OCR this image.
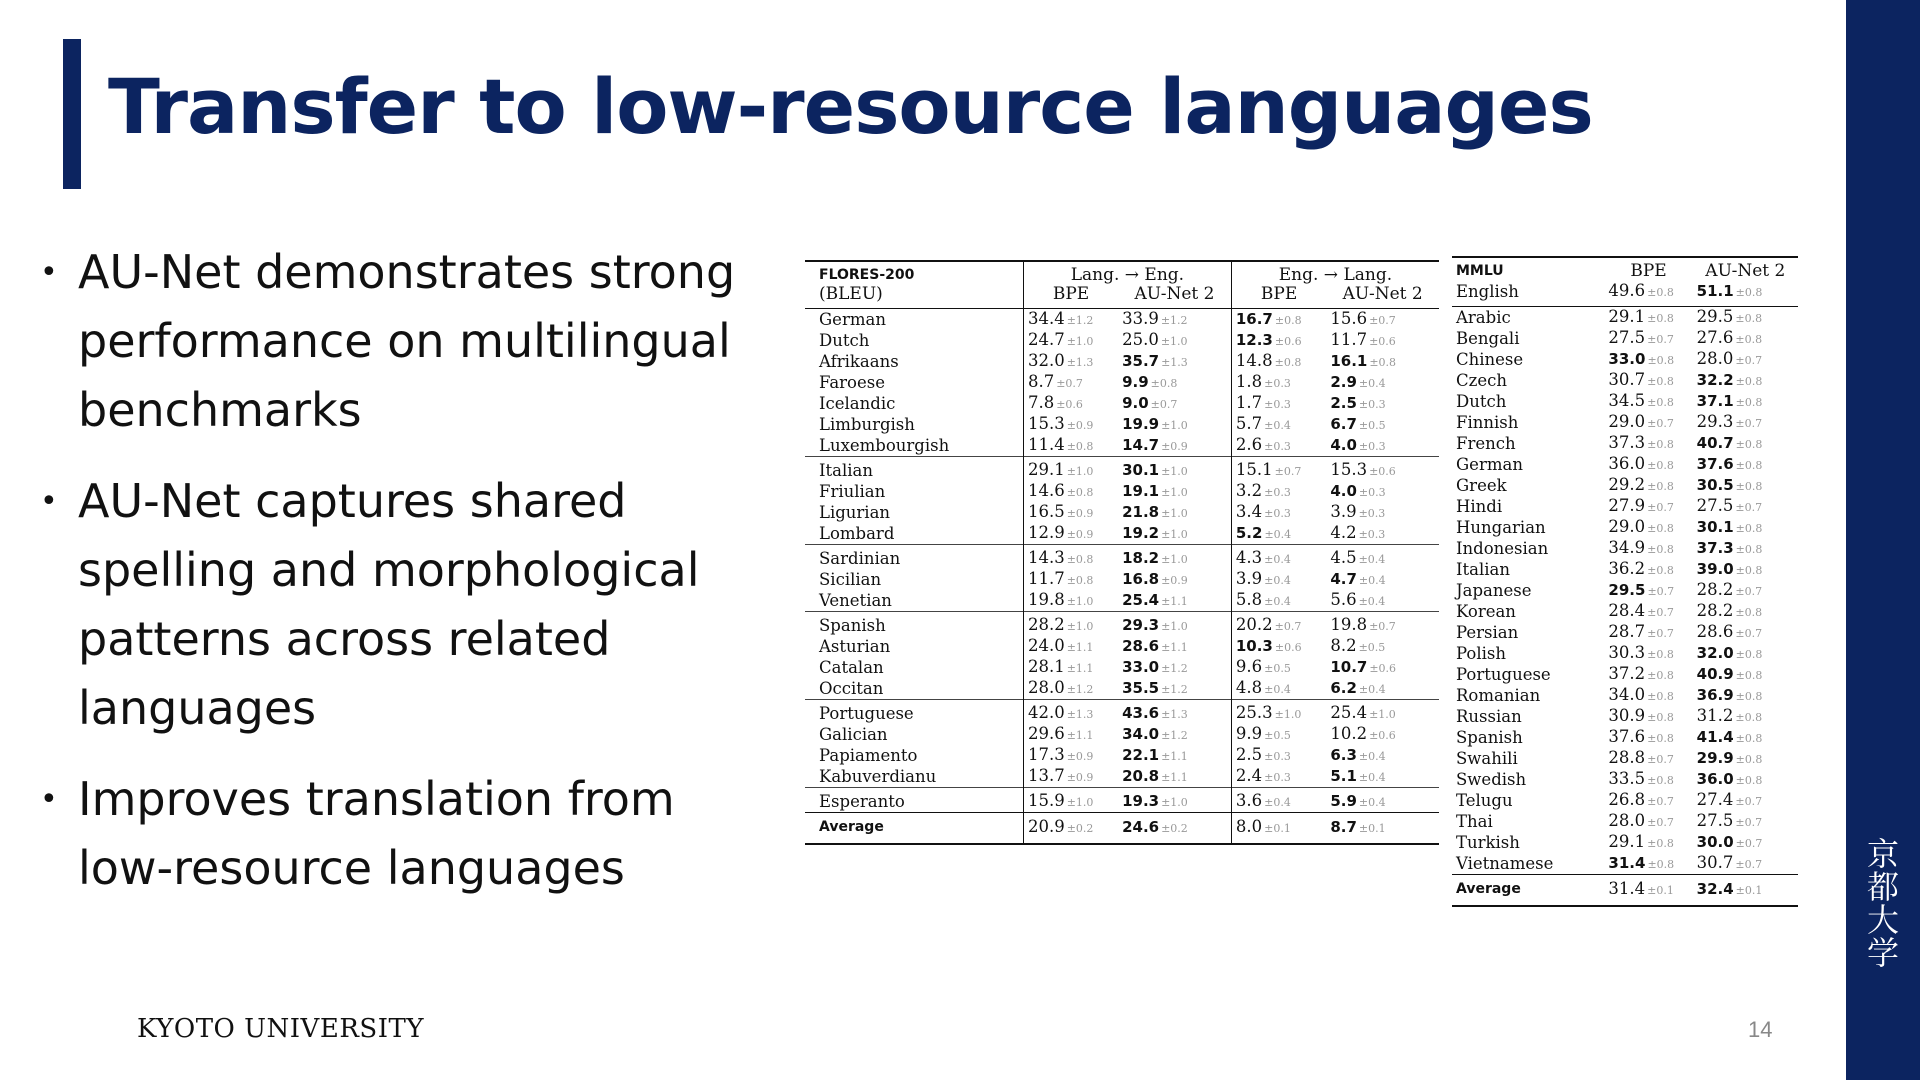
Transfer to low-resource languages
• AU-Net demonstrates strong performance on multilingual benchmarks
• AU-Net captures shared spelling and morphological patterns across related languages
• Improves translation from low-resource languages
FLORES-200	Lang. → Eng.		Eng. → Lang.	
(BLEU)	BPE	AU-Net 2	BPE	AU-Net 2
German	34.4 ±1.2	33.9 ±1.2	16.7 ±0.8	15.6 ±0.7
Dutch	24.7 ±1.0	25.0 ±1.0	12.3 ±0.6	11.7 ±0.6
Afrikaans	32.0 ±1.3	35.7 ±1.3	14.8 ±0.8	16.1 ±0.8
Faroese	8.7 ±0.7	9.9 ±0.8	1.8 ±0.3	2.9 ±0.4
Icelandic	7.8 ±0.6	9.0 ±0.7	1.7 ±0.3	2.5 ±0.3
Limburgish	15.3 ±0.9	19.9 ±1.0	5.7 ±0.4	6.7 ±0.5
Luxembourgish	11.4 ±0.8	14.7 ±0.9	2.6 ±0.3	4.0 ±0.3
Italian	29.1 ±1.0	30.1 ±1.0	15.1 ±0.7	15.3 ±0.6
Friulian	14.6 ±0.8	19.1 ±1.0	3.2 ±0.3	4.0 ±0.3
Ligurian	16.5 ±0.9	21.8 ±1.0	3.4 ±0.3	3.9 ±0.3
Lombard	12.9 ±0.9	19.2 ±1.0	5.2 ±0.4	4.2 ±0.3
Sardinian	14.3 ±0.8	18.2 ±1.0	4.3 ±0.4	4.5 ±0.4
Sicilian	11.7 ±0.8	16.8 ±0.9	3.9 ±0.4	4.7 ±0.4
Venetian	19.8 ±1.0	25.4 ±1.1	5.8 ±0.4	5.6 ±0.4
Spanish	28.2 ±1.0	29.3 ±1.0	20.2 ±0.7	19.8 ±0.7
Asturian	24.0 ±1.1	28.6 ±1.1	10.3 ±0.6	8.2 ±0.5
Catalan	28.1 ±1.1	33.0 ±1.2	9.6 ±0.5	10.7 ±0.6
Occitan	28.0 ±1.2	35.5 ±1.2	4.8 ±0.4	6.2 ±0.4
Portuguese	42.0 ±1.3	43.6 ±1.3	25.3 ±1.0	25.4 ±1.0
Galician	29.6 ±1.1	34.0 ±1.2	9.9 ±0.5	10.2 ±0.6
Papiamento	17.3 ±0.9	22.1 ±1.1	2.5 ±0.3	6.3 ±0.4
Kabuverdianu	13.7 ±0.9	20.8 ±1.1	2.4 ±0.3	5.1 ±0.4
Esperanto	15.9 ±1.0	19.3 ±1.0	3.6 ±0.4	5.9 ±0.4
Average	20.9 ±0.2	24.6 ±0.2	8.0 ±0.1	8.7 ±0.1
MMLU	BPE	AU-Net 2
English	49.6 ±0.8	51.1 ±0.8
Arabic	29.1 ±0.8	29.5 ±0.8
Bengali	27.5 ±0.7	27.6 ±0.8
Chinese	33.0 ±0.8	28.0 ±0.7
Czech	30.7 ±0.8	32.2 ±0.8
Dutch	34.5 ±0.8	37.1 ±0.8
Finnish	29.0 ±0.7	29.3 ±0.7
French	37.3 ±0.8	40.7 ±0.8
German	36.0 ±0.8	37.6 ±0.8
Greek	29.2 ±0.8	30.5 ±0.8
Hindi	27.9 ±0.7	27.5 ±0.7
Hungarian	29.0 ±0.8	30.1 ±0.8
Indonesian	34.9 ±0.8	37.3 ±0.8
Italian	36.2 ±0.8	39.0 ±0.8
Japanese	29.5 ±0.7	28.2 ±0.7
Korean	28.4 ±0.7	28.2 ±0.8
Persian	28.7 ±0.7	28.6 ±0.7
Polish	30.3 ±0.8	32.0 ±0.8
Portuguese	37.2 ±0.8	40.9 ±0.8
Romanian	34.0 ±0.8	36.9 ±0.8
Russian	30.9 ±0.8	31.2 ±0.8
Spanish	37.6 ±0.8	41.4 ±0.8
Swahili	28.8 ±0.7	29.9 ±0.8
Swedish	33.5 ±0.8	36.0 ±0.8
Telugu	26.8 ±0.7	27.4 ±0.7
Thai	28.0 ±0.7	27.5 ±0.7
Turkish	29.1 ±0.8	30.0 ±0.7
Vietnamese	31.4 ±0.8	30.7 ±0.7
Average	31.4 ±0.1	32.4 ±0.1
京
都
大
学
KYOTO UNIVERSITY	14
